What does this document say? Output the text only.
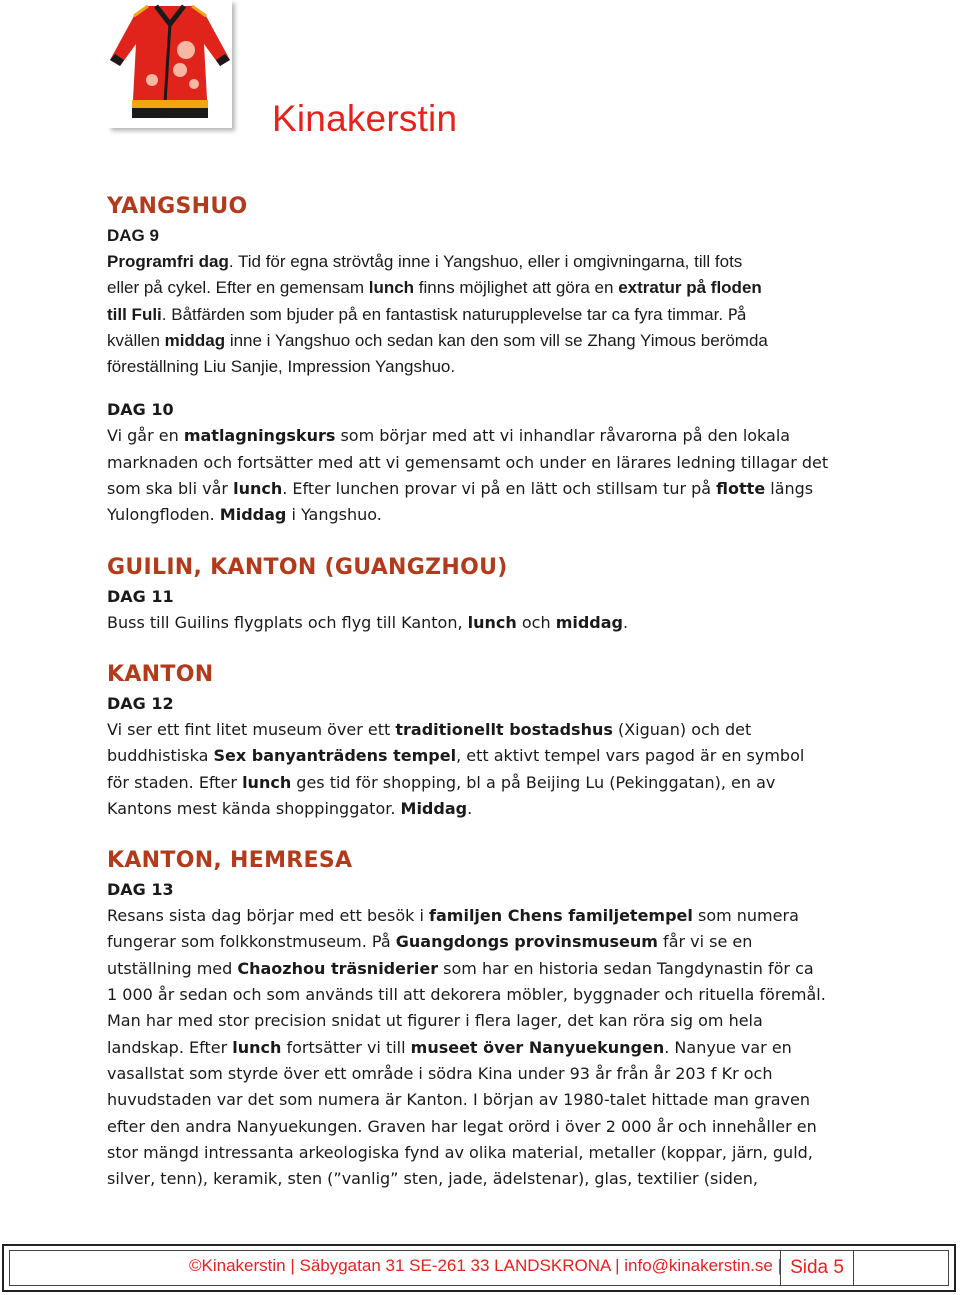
Kinakerstin
YANGSHUO

DAG 9

Programfri dag. Tid för egna strövtåg inne i Yangshuo, eller i omgivningarna, till fots

eller på cykel. Efter en gemensam lunch finns möjlighet att göra en extratur på floden

till Fuli. Båtfärden som bjuder på en fantastisk naturupplevelse tar ca fyra timmar. På

kvällen middag inne i Yangshuo och sedan kan den som vill se Zhang Yimous berömda

föreställning Liu Sanjie, Impression Yangshuo.

DAG 10

Vi går en matlagningskurs som börjar med att vi inhandlar råvarorna på den lokala

marknaden och fortsätter med att vi gemensamt och under en lärares ledning tillagar det

som ska bli vår lunch. Efter lunchen provar vi på en lätt och stillsam tur på flotte längs

Yulongfloden. Middag i Yangshuo.

GUILIN, KANTON (GUANGZHOU)

DAG 11

Buss till Guilins flygplats och flyg till Kanton, lunch och middag.

KANTON

DAG 12

Vi ser ett fint litet museum över ett traditionellt bostadshus (Xiguan) och det

buddhistiska Sex banyanträdens tempel, ett aktivt tempel vars pagod är en symbol

för staden. Efter lunch ges tid för shopping, bl a på Beijing Lu (Pekinggatan), en av

Kantons mest kända shoppinggator. Middag.

KANTON, HEMRESA

DAG 13

Resans sista dag börjar med ett besök i familjen Chens familjetempel som numera

fungerar som folkkonstmuseum. På Guangdongs provinsmuseum får vi se en

utställning med Chaozhou träsniderier som har en historia sedan Tangdynastin för ca

1 000 år sedan och som används till att dekorera möbler, byggnader och rituella föremål.

Man har med stor precision snidat ut figurer i flera lager, det kan röra sig om hela

landskap. Efter lunch fortsätter vi till museet över Nanyuekungen. Nanyue var en

vasallstat som styrde över ett område i södra Kina under 93 år från år 203 f Kr och

huvudstaden var det som numera är Kanton. I början av 1980-talet hittade man graven

efter den andra Nanyuekungen. Graven har legat orörd i över 2 000 år och innehåller en

stor mängd intressanta arkeologiska fynd av olika material, metaller (koppar, järn, guld,

silver, tenn), keramik, sten (”vanlig” sten, jade, ädelstenar), glas, textilier (siden,

©Kinakerstin | Säbygatan 31 SE-261 33 LANDSKRONA | info@kinakerstin.se | Sida 5
